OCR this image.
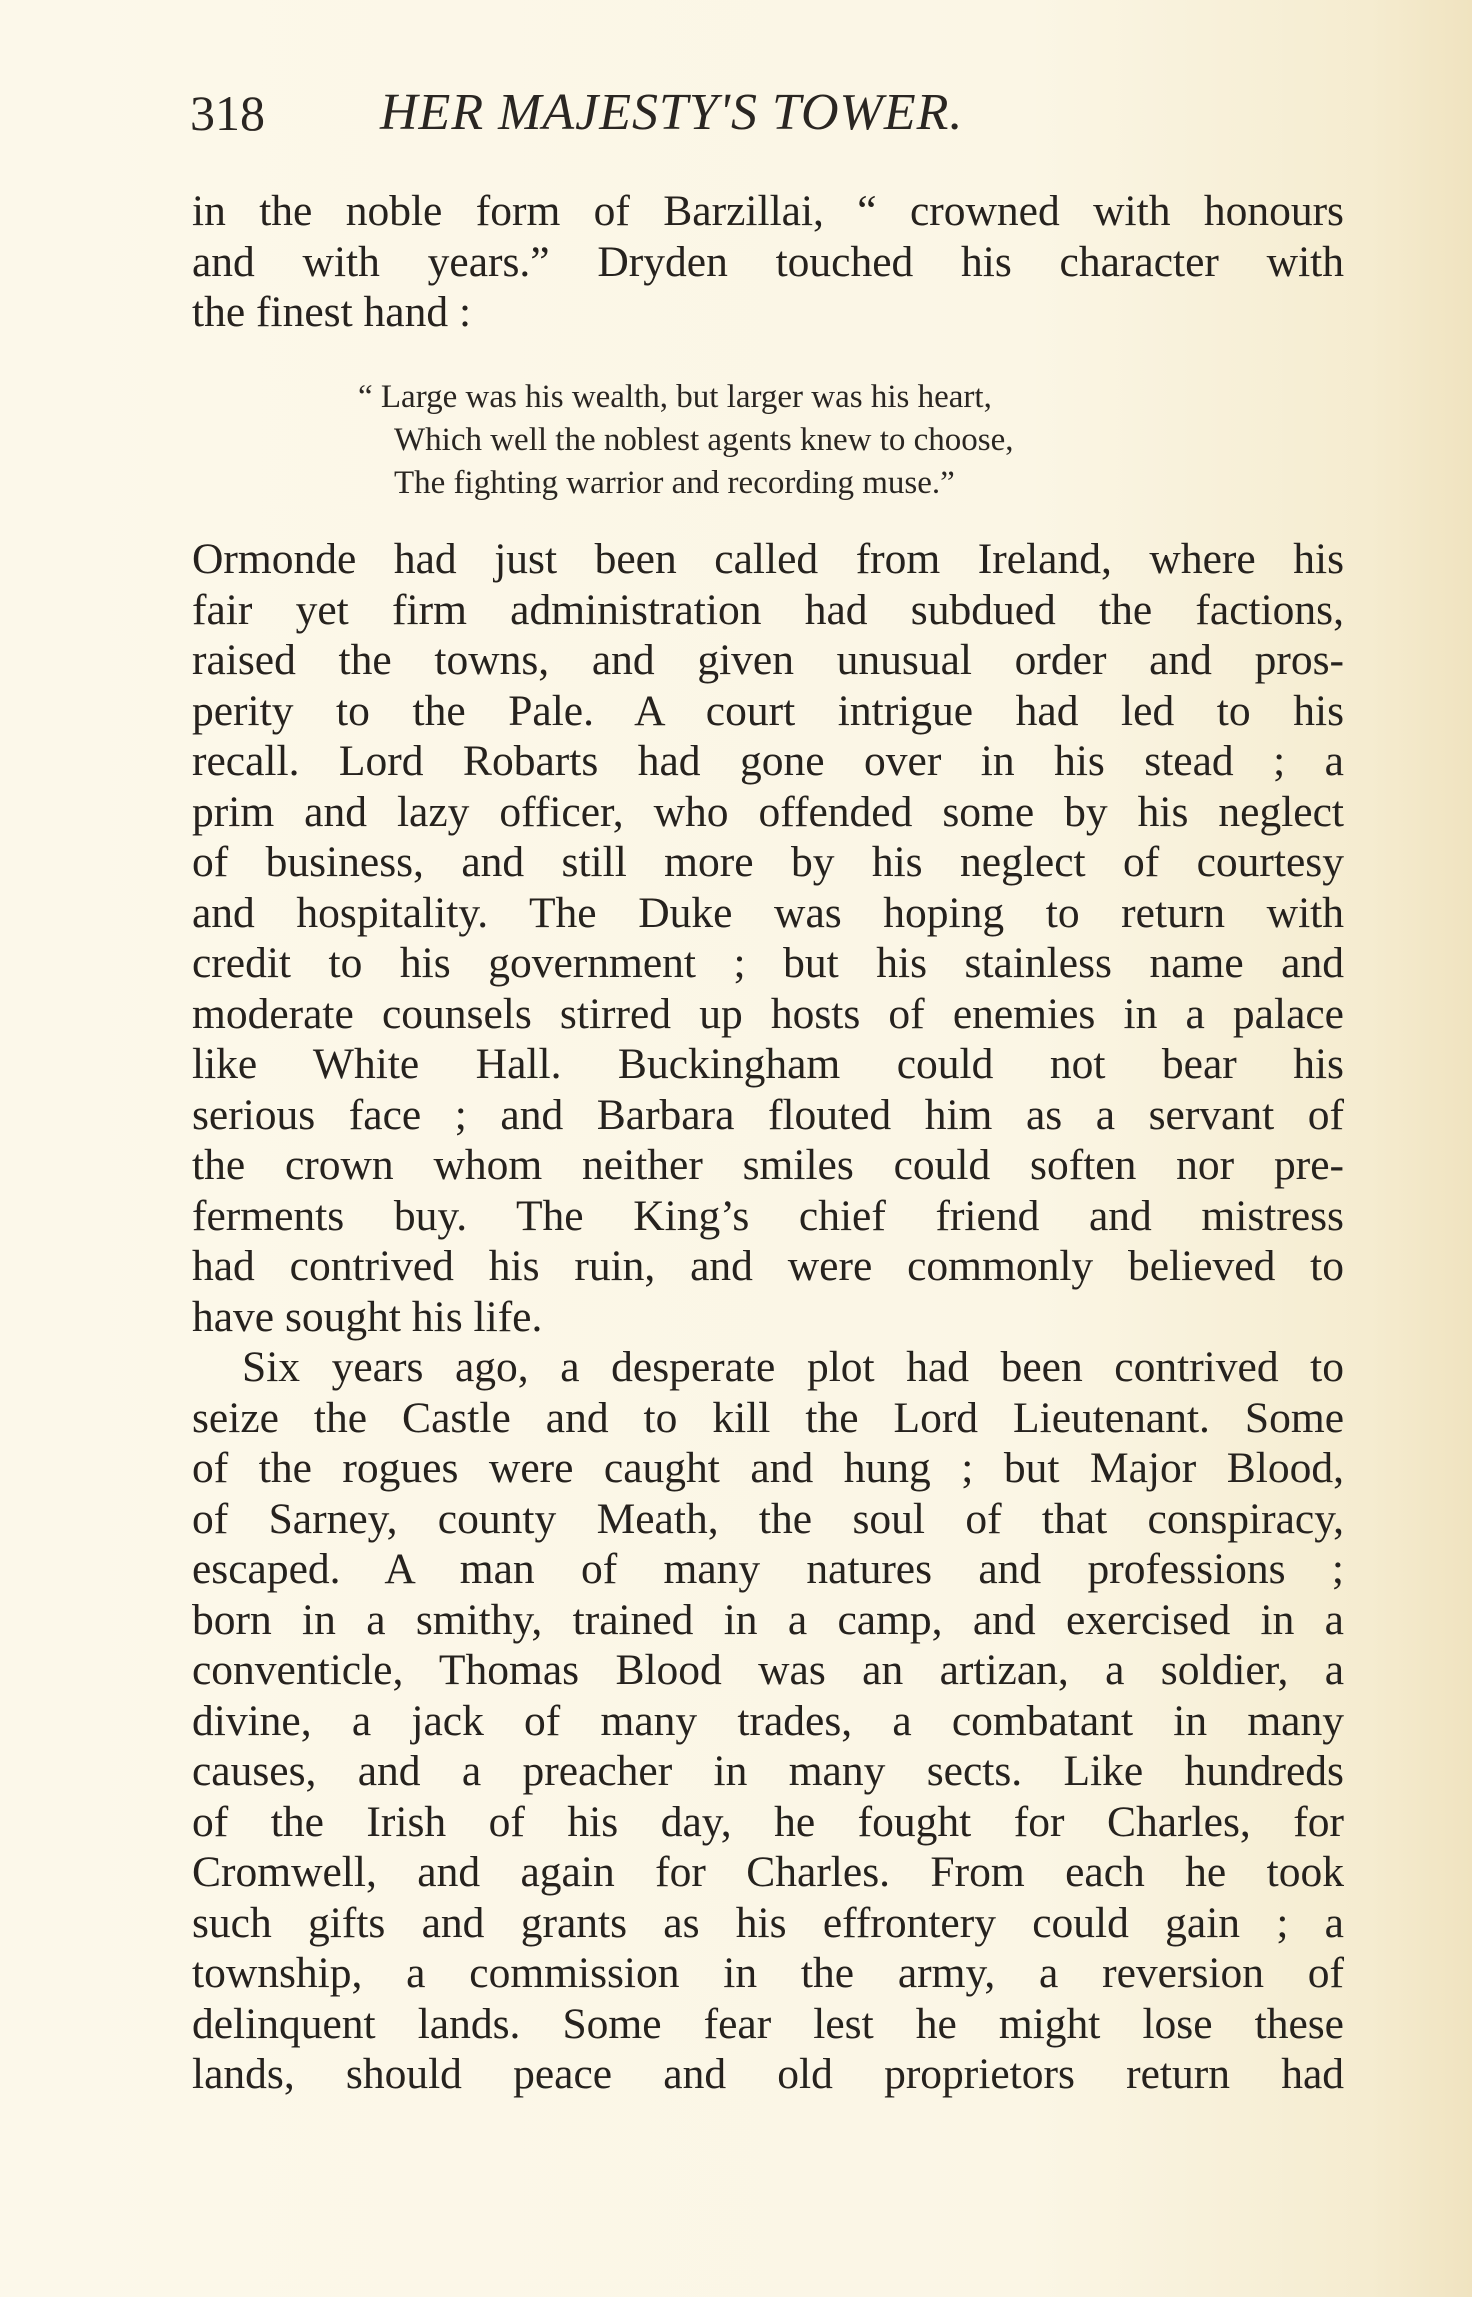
318 HER MAJESTY'S TOWER.
in the noble form of Barzillai, “ crowned with honours
and with years.” Dryden touched his character with
the finest hand :
“ Large was his wealth, but larger was his heart,
Which well the noblest agents knew to choose,
The fighting warrior and recording muse.”
Ormonde had just been called from Ireland, where his
fair yet firm administration had subdued the factions,
raised the towns, and given unusual order and pros-
perity to the Pale. A court intrigue had led to his
recall. Lord Robarts had gone over in his stead ; a
prim and lazy officer, who offended some by his neglect
of business, and still more by his neglect of courtesy
and hospitality. The Duke was hoping to return with
credit to his government ; but his stainless name and
moderate counsels stirred up hosts of enemies in a palace
like White Hall. Buckingham could not bear his
serious face ; and Barbara flouted him as a servant of
the crown whom neither smiles could soften nor pre-
ferments buy. The King’s chief friend and mistress
had contrived his ruin, and were commonly believed to
have sought his life.
Six years ago, a desperate plot had been contrived to
seize the Castle and to kill the Lord Lieutenant. Some
of the rogues were caught and hung ; but Major Blood,
of Sarney, county Meath, the soul of that conspiracy,
escaped. A man of many natures and professions ;
born in a smithy, trained in a camp, and exercised in a
conventicle, Thomas Blood was an artizan, a soldier, a
divine, a jack of many trades, a combatant in many
causes, and a preacher in many sects. Like hundreds
of the Irish of his day, he fought for Charles, for
Cromwell, and again for Charles. From each he took
such gifts and grants as his effrontery could gain ; a
township, a commission in the army, a reversion of
delinquent lands. Some fear lest he might lose these
lands, should peace and old proprietors return had
